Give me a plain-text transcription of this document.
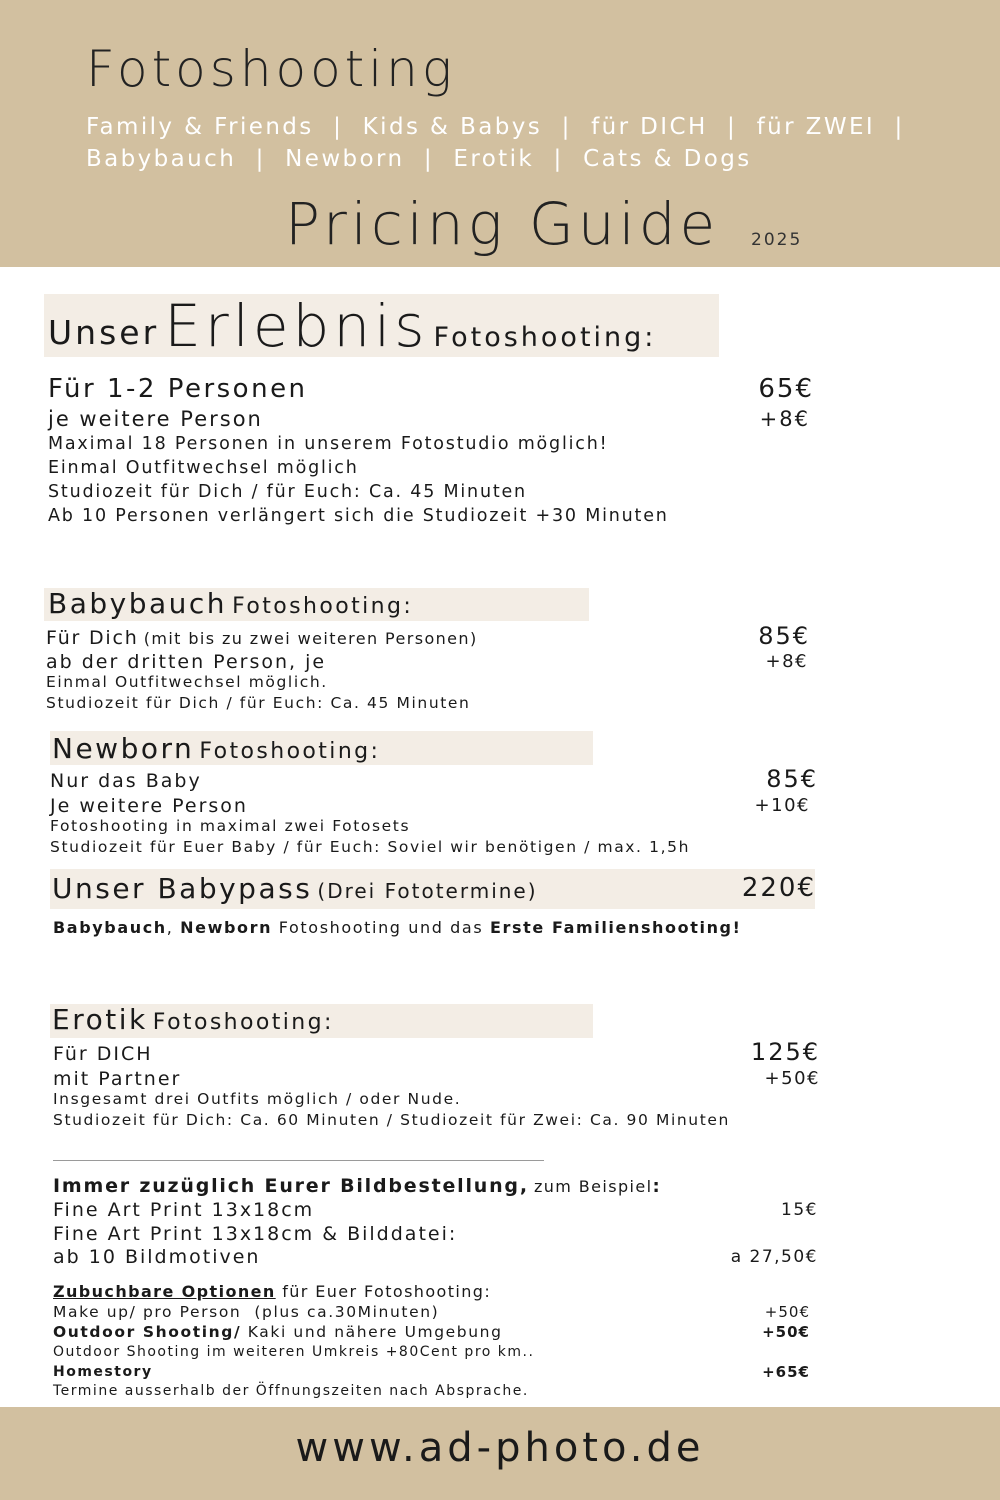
Fotoshooting
Family & Friends  |  Kids & Babys  |  für DICH  |  für ZWEI  |
Babybauch  |  Newborn  |  Erotik  |  Cats & Dogs
Pricing Guide 2025
Unser Erlebnis Fotoshooting:
Für 1-2 Personen	65€
je weitere Person	+8€
Maximal 18 Personen in unserem Fotostudio möglich!
Einmal Outfitwechsel möglich
Studiozeit für Dich / für Euch: Ca. 45 Minuten
Ab 10 Personen verlängert sich die Studiozeit +30 Minuten
Babybauch Fotoshooting:
Für Dich (mit bis zu zwei weiteren Personen)	85€
ab der dritten Person, je	+8€
Einmal Outfitwechsel möglich.
Studiozeit für Dich / für Euch: Ca. 45 Minuten
Newborn Fotoshooting:
Nur das Baby	85€
Je weitere Person	+10€
Fotoshooting in maximal zwei Fotosets
Studiozeit für Euer Baby / für Euch: Soviel wir benötigen / max. 1,5h
Unser Babypass (Drei Fototermine)	220€
Babybauch, Newborn Fotoshooting und das Erste Familienshooting!
Erotik Fotoshooting:
Für DICH	125€
mit Partner	+50€
Insgesamt drei Outfits möglich / oder Nude.
Studiozeit für Dich: Ca. 60 Minuten / Studiozeit für Zwei: Ca. 90 Minuten
Immer zuzüglich Eurer Bildbestellung, zum Beispiel:
Fine Art Print 13x18cm	15€
Fine Art Print 13x18cm & Bilddatei:
ab 10 Bildmotiven	a 27,50€
Zubuchbare Optionen für Euer Fotoshooting:
Make up/ pro Person  (plus ca.30Minuten)	+50€
Outdoor Shooting/ Kaki und nähere Umgebung	+50€
Outdoor Shooting im weiteren Umkreis +80Cent pro km..
Homestory	+65€
Termine ausserhalb der Öffnungszeiten nach Absprache.
www.ad-photo.de
